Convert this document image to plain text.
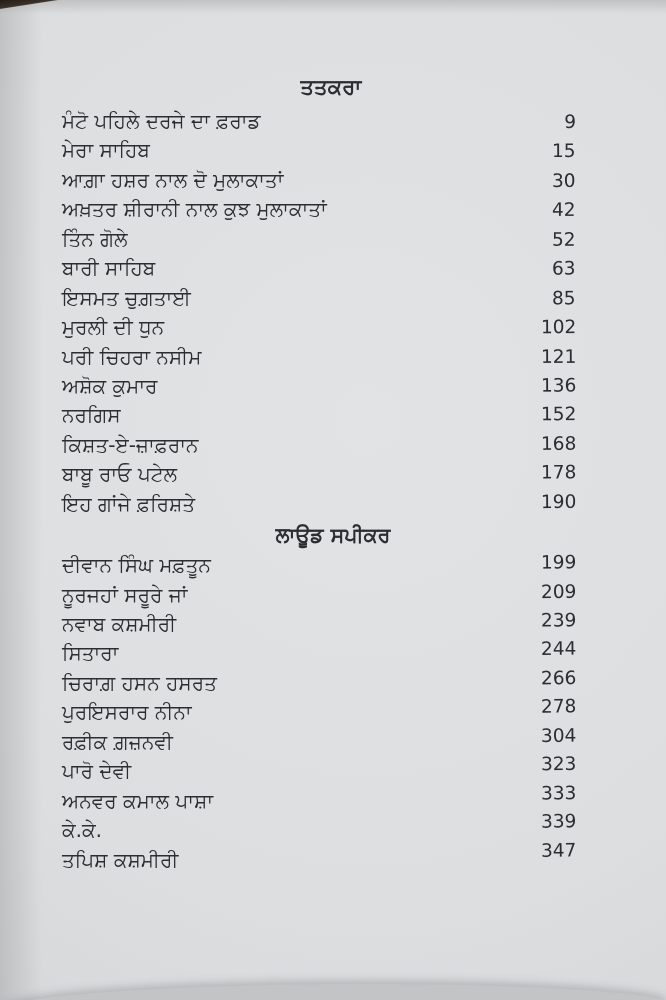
ਤਤਕਰਾ
ਮੰਟੋ ਪਹਿਲੇ ਦਰਜੇ ਦਾ ਫ਼ਰਾਡ	9
ਮੇਰਾ ਸਾਹਿਬ	15
ਆਗ਼ਾ ਹਸ਼ਰ ਨਾਲ ਦੋ ਮੁਲਾਕਾਤਾਂ	30
ਅਖ਼ਤਰ ਸ਼ੀਰਾਨੀ ਨਾਲ ਕੁਝ ਮੁਲਾਕਾਤਾਂ	42
ਤਿੰਨ ਗੋਲੇ	52
ਬਾਰੀ ਸਾਹਿਬ	63
ਇਸਮਤ ਚੁਗ਼ਤਾਈ	85
ਮੁਰਲੀ ਦੀ ਧੁਨ	102
ਪਰੀ ਚਿਹਰਾ ਨਸੀਮ	121
ਅਸ਼ੋਕ ਕੁਮਾਰ	136
ਨਰਗਿਸ	152
ਕਿਸ਼ਤ-ਏ-ਜ਼ਾਫ਼ਰਾਨ	168
ਬਾਬੂ ਰਾਓ ਪਟੇਲ	178
ਇਹ ਗਾਂਜੇ ਫ਼ਰਿਸ਼ਤੇ	190
ਲਾਊਡ ਸਪੀਕਰ
ਦੀਵਾਨ ਸਿੰਘ ਮਫ਼ਤੂਨ	199
ਨੂਰਜਹਾਂ ਸਰੂਰੇ ਜਾਂ	209
ਨਵਾਬ ਕਸ਼ਮੀਰੀ	239
ਸਿਤਾਰਾ	244
ਚਿਰਾਗ਼ ਹਸਨ ਹਸਰਤ	266
ਪੁਰਇਸਰਾਰ ਨੀਨਾ	278
ਰਫ਼ੀਕ ਗ਼ਜ਼ਨਵੀ	304
ਪਾਰੋ ਦੇਵੀ	323
ਅਨਵਰ ਕਮਾਲ ਪਾਸ਼ਾ	333
ਕੇ.ਕੇ.	339
ਤਪਿਸ਼ ਕਸ਼ਮੀਰੀ	347
